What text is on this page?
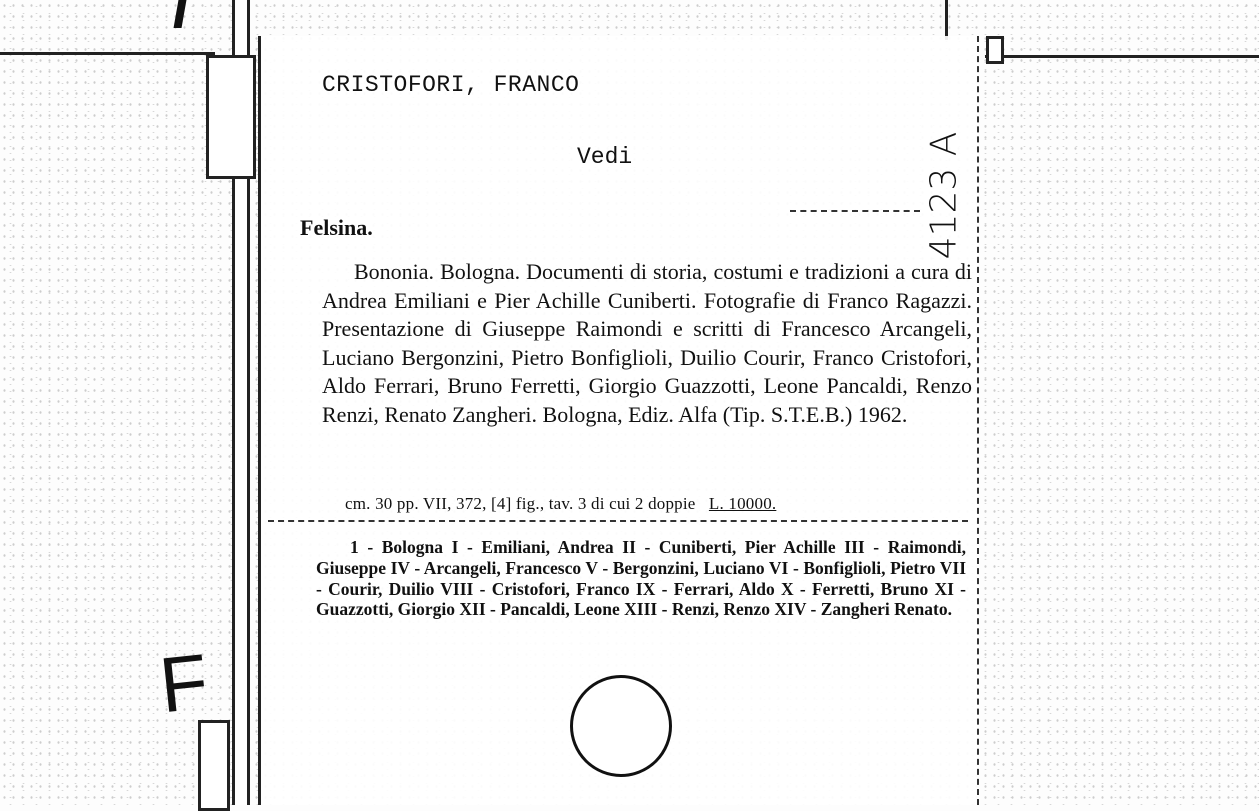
F
CRISTOFORI, FRANCO
Vedi	4123 A
Felsina.

Bononia. Bologna. Documenti di storia, costumi e tradizioni a cura di Andrea Emiliani e Pier Achille Cuniberti. Fotografie di Franco Ragazzi. Presentazione di Giuseppe Raimondi e scritti di Francesco Arcangeli, Luciano Bergonzini, Pietro Bonfiglioli, Duilio Courir, Franco Cristofori, Aldo Ferrari, Bruno Ferretti, Giorgio Guazzotti, Leone Pancaldi, Renzo Renzi, Renato Zangheri. Bologna, Ediz. Alfa (Tip. S.T.E.B.) 1962.

cm. 30 pp. VII, 372, [4] fig., tav. 3 di cui 2 doppie L. 10000.

1 - Bologna I - Emiliani, Andrea II - Cuniberti, Pier Achille III - Raimondi, Giuseppe IV - Arcangeli, Francesco V - Bergonzini, Luciano VI - Bonfiglioli, Pietro VII - Courir, Duilio VIII - Cristofori, Franco IX - Ferrari, Aldo X - Ferretti, Bruno XI - Guazzotti, Giorgio XII - Pancaldi, Leone XIII - Renzi, Renzo XIV - Zangheri Renato.
